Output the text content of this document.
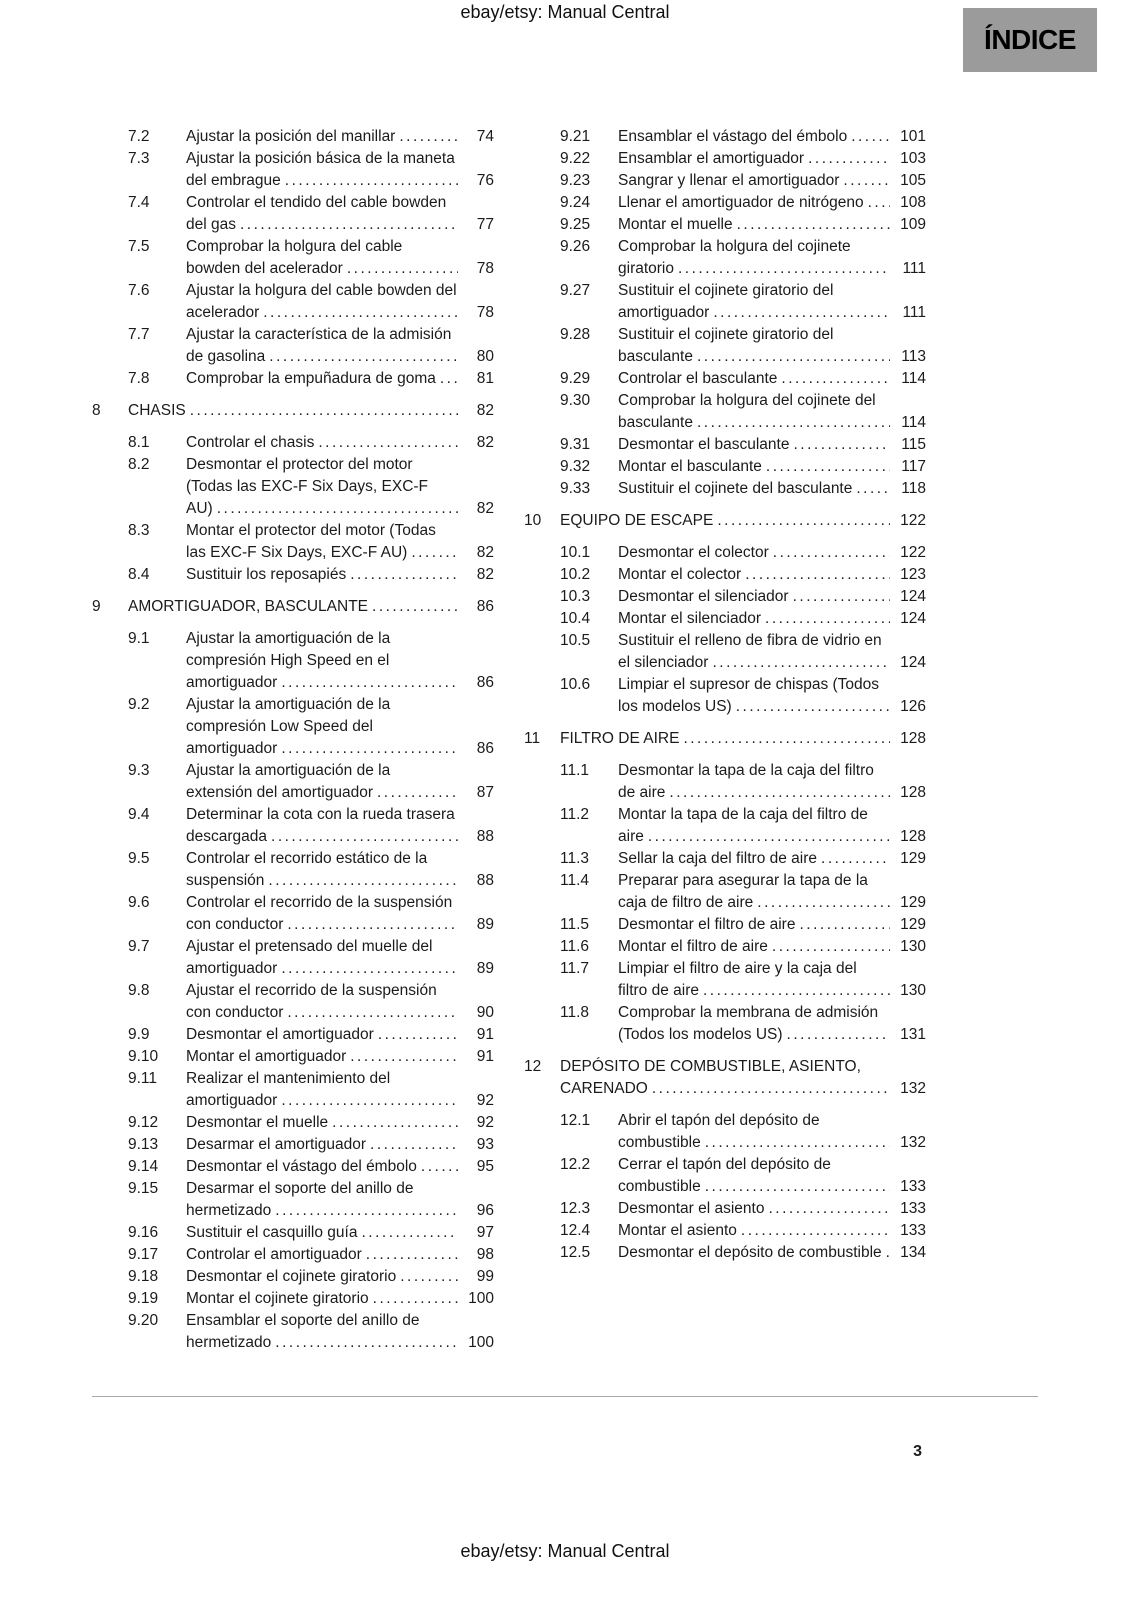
ebay/etsy: Manual Central
ÍNDICE
7.2	Ajustar la posición del manillar .....	74
7.3	Ajustar la posición básica de la maneta del embrague .....	76
7.4	Controlar el tendido del cable bowden del gas .....	77
7.5	Comprobar la holgura del cable bowden del acelerador .....	78
7.6	Ajustar la holgura del cable bowden del acelerador .....	78
7.7	Ajustar la característica de la admisión de gasolina .....	80
7.8	Comprobar la empuñadura de goma .....	81
8	CHASIS .....	82
8.1	Controlar el chasis .....	82
8.2	Desmontar el protector del motor (Todas las EXC-F Six Days, EXC-F AU) .....	82
8.3	Montar el protector del motor (Todas las EXC-F Six Days, EXC-F AU) .....	82
8.4	Sustituir los reposapiés .....	82
9	AMORTIGUADOR, BASCULANTE .....	86
9.1	Ajustar la amortiguación de la compresión High Speed en el amortiguador .....	86
9.2	Ajustar la amortiguación de la compresión Low Speed del amortiguador .....	86
9.3	Ajustar la amortiguación de la extensión del amortiguador .....	87
9.4	Determinar la cota con la rueda trasera descargada .....	88
9.5	Controlar el recorrido estático de la suspensión .....	88
9.6	Controlar el recorrido de la suspensión con conductor .....	89
9.7	Ajustar el pretensado del muelle del amortiguador .....	89
9.8	Ajustar el recorrido de la suspensión con conductor .....	90
9.9	Desmontar el amortiguador .....	91
9.10	Montar el amortiguador .....	91
9.11	Realizar el mantenimiento del amortiguador .....	92
9.12	Desmontar el muelle .....	92
9.13	Desarmar el amortiguador .....	93
9.14	Desmontar el vástago del émbolo .....	95
9.15	Desarmar el soporte del anillo de hermetizado .....	96
9.16	Sustituir el casquillo guía .....	97
9.17	Controlar el amortiguador .....	98
9.18	Desmontar el cojinete giratorio .....	99
9.19	Montar el cojinete giratorio .....	100
9.20	Ensamblar el soporte del anillo de hermetizado .....	100
9.21	Ensamblar el vástago del émbolo .....	101
9.22	Ensamblar el amortiguador .....	103
9.23	Sangrar y llenar el amortiguador .....	105
9.24	Llenar el amortiguador de nitrógeno .....	108
9.25	Montar el muelle .....	109
9.26	Comprobar la holgura del cojinete giratorio .....	111
9.27	Sustituir el cojinete giratorio del amortiguador .....	111
9.28	Sustituir el cojinete giratorio del basculante .....	113
9.29	Controlar el basculante .....	114
9.30	Comprobar la holgura del cojinete del basculante .....	114
9.31	Desmontar el basculante .....	115
9.32	Montar el basculante .....	117
9.33	Sustituir el cojinete del basculante .....	118
10	EQUIPO DE ESCAPE .....	122
10.1	Desmontar el colector .....	122
10.2	Montar el colector .....	123
10.3	Desmontar el silenciador .....	124
10.4	Montar el silenciador .....	124
10.5	Sustituir el relleno de fibra de vidrio en el silenciador .....	124
10.6	Limpiar el supresor de chispas (Todos los modelos US) .....	126
11	FILTRO DE AIRE .....	128
11.1	Desmontar la tapa de la caja del filtro de aire .....	128
11.2	Montar la tapa de la caja del filtro de aire .....	128
11.3	Sellar la caja del filtro de aire .....	129
11.4	Preparar para asegurar la tapa de la caja de filtro de aire .....	129
11.5	Desmontar el filtro de aire .....	129
11.6	Montar el filtro de aire .....	130
11.7	Limpiar el filtro de aire y la caja del filtro de aire .....	130
11.8	Comprobar la membrana de admisión (Todos los modelos US) .....	131
12	DEPÓSITO DE COMBUSTIBLE, ASIENTO, CARENADO .....	132
12.1	Abrir el tapón del depósito de combustible .....	132
12.2	Cerrar el tapón del depósito de combustible .....	133
12.3	Desmontar el asiento .....	133
12.4	Montar el asiento .....	133
12.5	Desmontar el depósito de combustible .....	134
3
ebay/etsy: Manual Central
